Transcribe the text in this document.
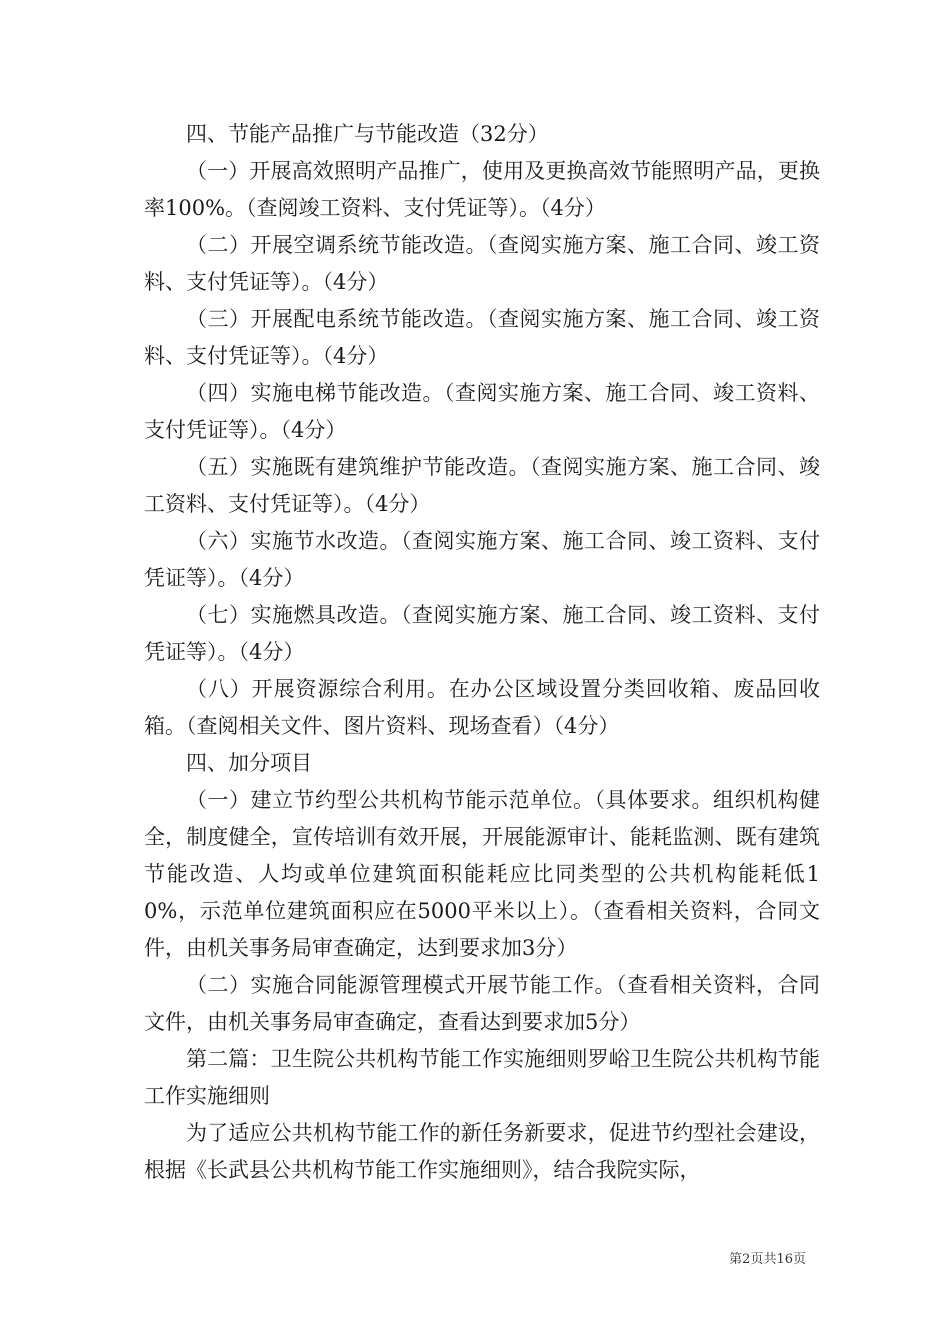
四、节能产品推广与节能改造（32分）

（一）开展高效照明产品推广，使用及更换高效节能照明产品，更换率100%。（查阅竣工资料、支付凭证等）。（4分）

（二）开展空调系统节能改造。（查阅实施方案、施工合同、竣工资料、支付凭证等）。（4分）

（三）开展配电系统节能改造。（查阅实施方案、施工合同、竣工资料、支付凭证等）。（4分）

（四）实施电梯节能改造。（查阅实施方案、施工合同、竣工资料、支付凭证等）。（4分）

（五）实施既有建筑维护节能改造。（查阅实施方案、施工合同、竣工资料、支付凭证等）。（4分）

（六）实施节水改造。（查阅实施方案、施工合同、竣工资料、支付凭证等）。（4分）

（七）实施燃具改造。（查阅实施方案、施工合同、竣工资料、支付凭证等）。（4分）

（八）开展资源综合利用。在办公区域设置分类回收箱、废品回收箱。（查阅相关文件、图片资料、现场查看）（4分）

四、加分项目

（一）建立节约型公共机构节能示范单位。（具体要求。组织机构健全，制度健全，宣传培训有效开展，开展能源审计、能耗监测、既有建筑节能改造、人均或单位建筑面积能耗应比同类型的公共机构能耗低10%，示范单位建筑面积应在5000平米以上）。（查看相关资料，合同文件，由机关事务局审查确定，达到要求加3分）

（二）实施合同能源管理模式开展节能工作。（查看相关资料，合同文件，由机关事务局审查确定，查看达到要求加5分）

第二篇：卫生院公共机构节能工作实施细则罗峪卫生院公共机构节能工作实施细则

为了适应公共机构节能工作的新任务新要求，促进节约型社会建设，根据《长武县公共机构节能工作实施细则》，结合我院实际，

第2页共16页
